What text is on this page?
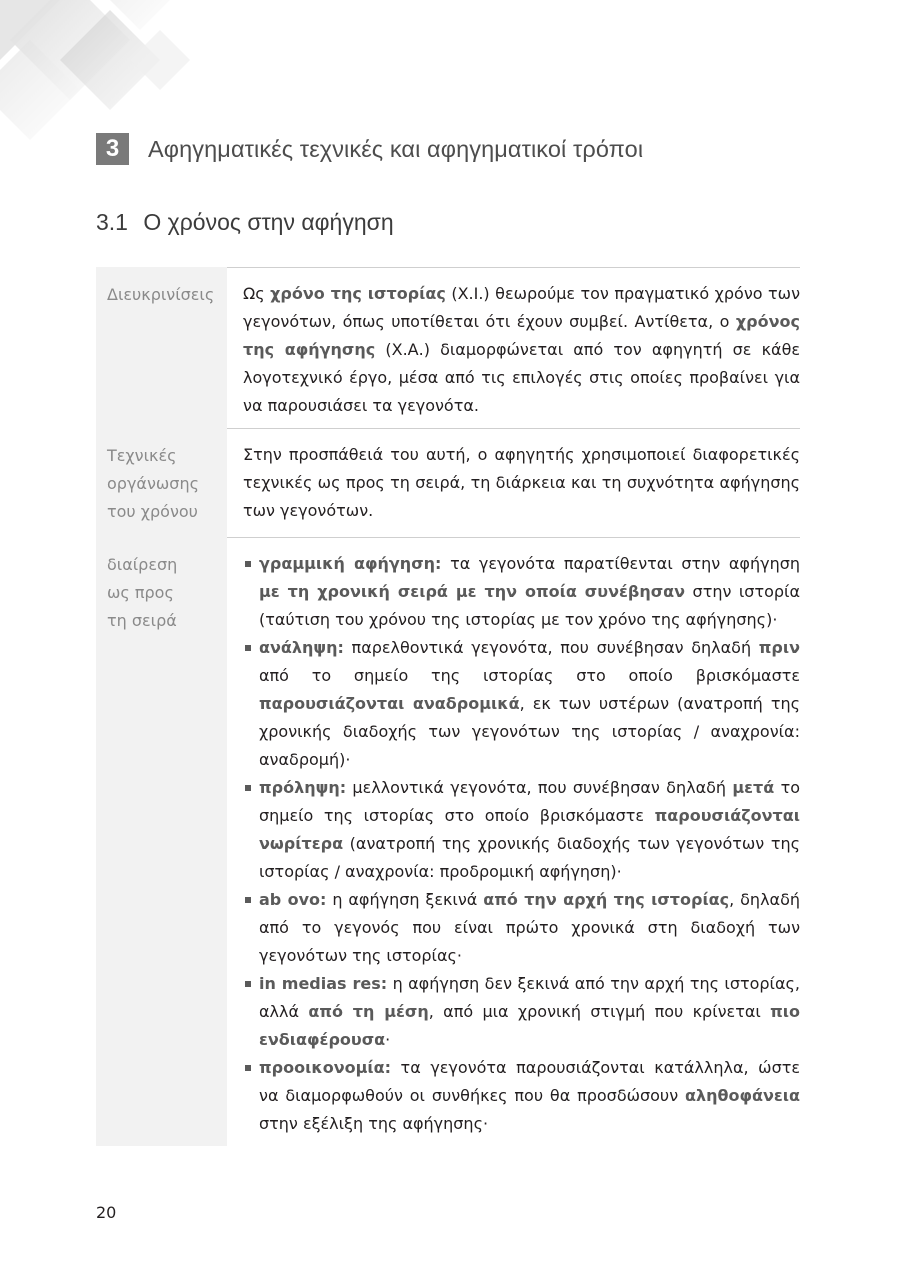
3	Αφηγηματικές τεχνικές και αφηγηματικοί τρόποι
3.1 Ο χρόνος στην αφήγηση
Διευκρινίσεις	Ως χρόνο της ιστορίας (Χ.Ι.) θεωρούμε τον πραγματικό χρόνο των γεγονότων, όπως υποτίθεται ότι έχουν συμβεί. Αντίθετα, ο χρόνος της αφήγησης (Χ.Α.) διαμορφώνεται από τον αφηγητή σε κάθε λογοτεχνικό έργο, μέσα από τις επιλογές στις οποίες προβαίνει για να παρουσιάσει τα γεγονότα.
Τεχνικές
οργάνωσης
του χρόνου
Στην προσπάθειά του αυτή, ο αφηγητής χρησιμοποιεί διαφορετικές τεχνικές ως προς τη σειρά, τη διάρκεια και τη συχνότητα αφήγησης των γεγονότων.
διαίρεση
ως προς
τη σειρά
γραμμική αφήγηση: τα γεγονότα παρατίθενται στην αφήγηση με τη χρονική σειρά με την οποία συνέβησαν στην ιστορία (ταύτιση του χρόνου της ιστορίας με τον χρόνο της αφήγησης)·
ανάληψη: παρελθοντικά γεγονότα, που συνέβησαν δηλαδή πριν από το σημείο της ιστορίας στο οποίο βρισκόμαστε παρουσιάζονται αναδρομικά, εκ των υστέρων (ανατροπή της χρονικής διαδοχής των γεγονότων της ιστορίας / αναχρονία: αναδρομή)·
πρόληψη: μελλοντικά γεγονότα, που συνέβησαν δηλαδή μετά το σημείο της ιστορίας στο οποίο βρισκόμαστε παρουσιάζονται νωρίτερα (ανατροπή της χρονικής διαδοχής των γεγονότων της ιστορίας / αναχρονία: προδρομική αφήγηση)·
ab ovo: η αφήγηση ξεκινά από την αρχή της ιστορίας, δηλαδή από το γεγονός που είναι πρώτο χρονικά στη διαδοχή των γεγονότων της ιστορίας·
in medias res: η αφήγηση δεν ξεκινά από την αρχή της ιστορίας, αλλά από τη μέση, από μια χρονική στιγμή που κρίνεται πιο ενδιαφέρουσα·
προοικονομία: τα γεγονότα παρουσιάζονται κατάλληλα, ώστε να διαμορφωθούν οι συνθήκες που θα προσδώσουν αληθοφάνεια στην εξέλιξη της αφήγησης·
20
